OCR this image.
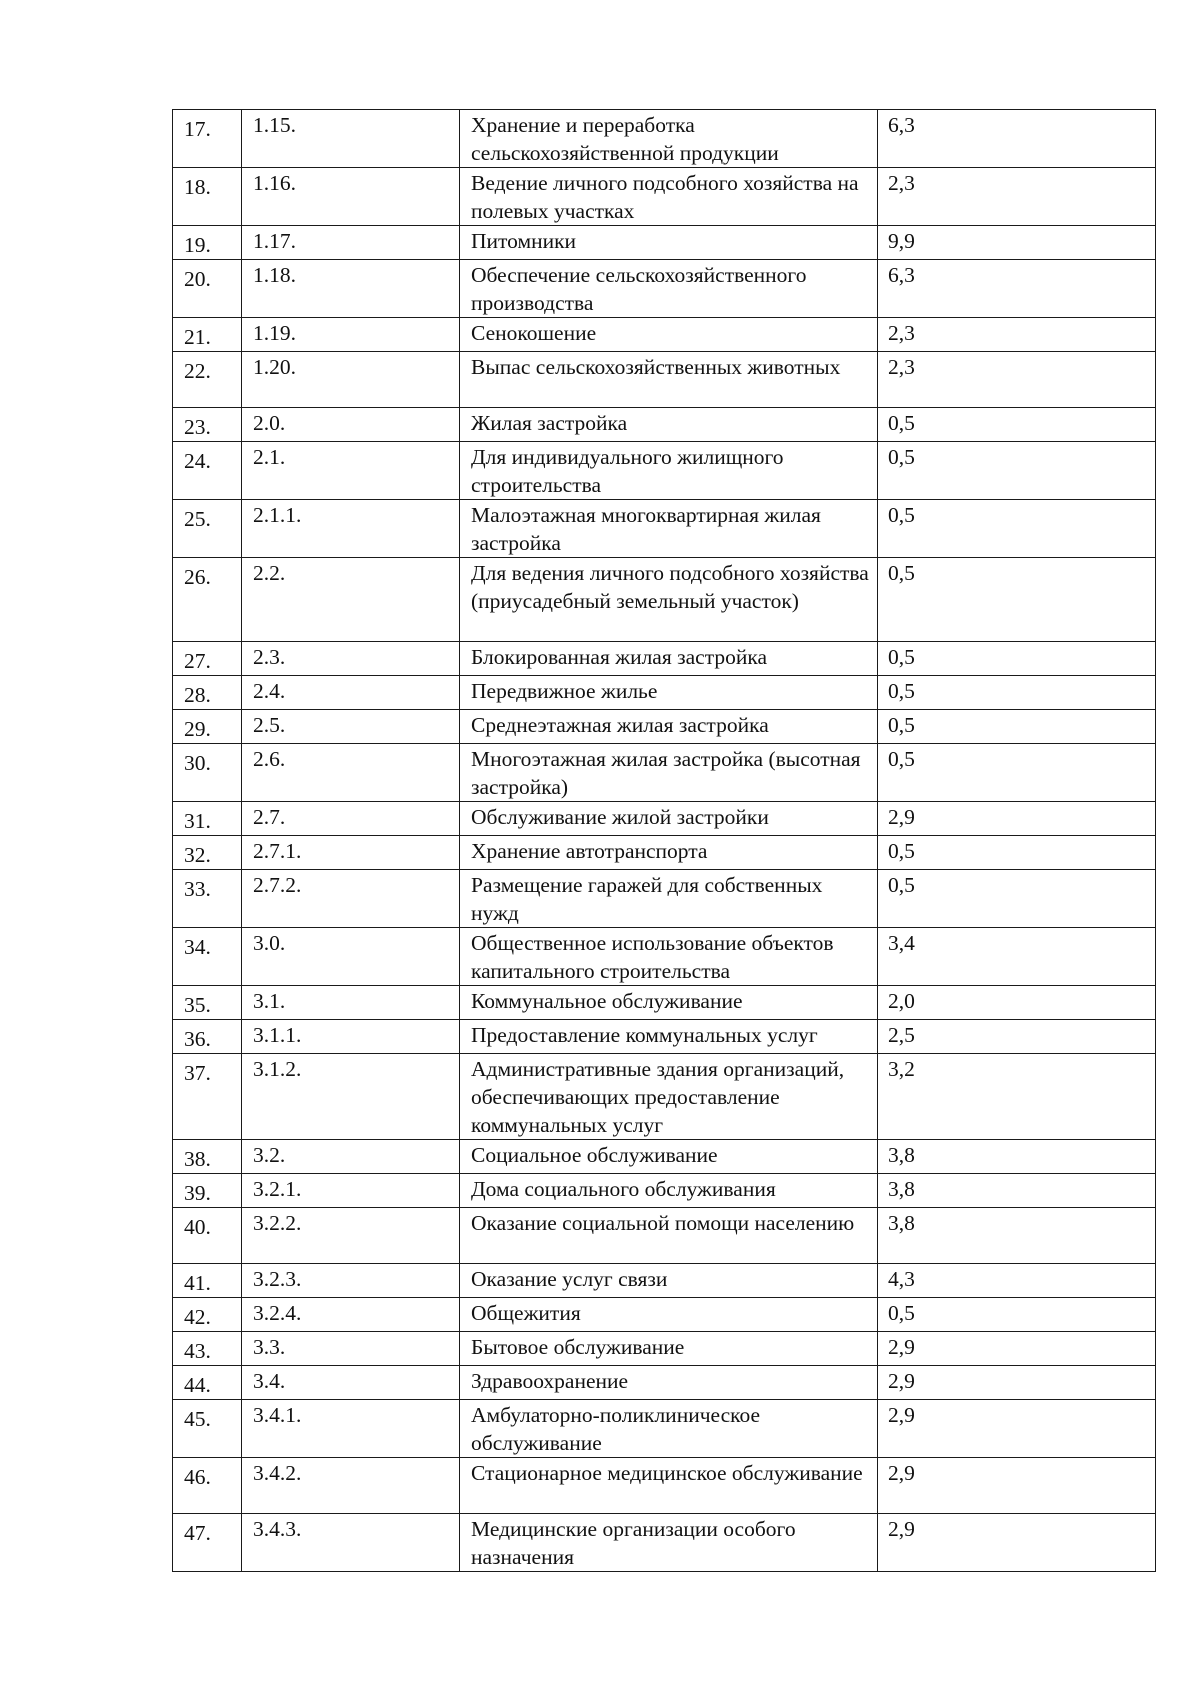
17.	1.15.	Хранение и переработка сельскохозяйственной продукции	6,3
18.	1.16.	Ведение личного подсобного хозяйства на полевых участках	2,3
19.	1.17.	Питомники	9,9
20.	1.18.	Обеспечение сельскохозяйственного производства	6,3
21.	1.19.	Сенокошение	2,3
22.	1.20.	Выпас сельскохозяйственных животных	2,3
23.	2.0.	Жилая застройка	0,5
24.	2.1.	Для индивидуального жилищного строительства	0,5
25.	2.1.1.	Малоэтажная многоквартирная жилая застройка	0,5
26.	2.2.	Для ведения личного подсобного хозяйства (приусадебный земельный участок)	0,5
27.	2.3.	Блокированная жилая застройка	0,5
28.	2.4.	Передвижное жилье	0,5
29.	2.5.	Среднеэтажная жилая застройка	0,5
30.	2.6.	Многоэтажная жилая застройка (высотная застройка)	0,5
31.	2.7.	Обслуживание жилой застройки	2,9
32.	2.7.1.	Хранение автотранспорта	0,5
33.	2.7.2.	Размещение гаражей для собственных нужд	0,5
34.	3.0.	Общественное использование объектов капитального строительства	3,4
35.	3.1.	Коммунальное обслуживание	2,0
36.	3.1.1.	Предоставление коммунальных услуг	2,5
37.	3.1.2.	Административные здания организаций, обеспечивающих предоставление коммунальных услуг	3,2
38.	3.2.	Социальное обслуживание	3,8
39.	3.2.1.	Дома социального обслуживания	3,8
40.	3.2.2.	Оказание социальной помощи населению	3,8
41.	3.2.3.	Оказание услуг связи	4,3
42.	3.2.4.	Общежития	0,5
43.	3.3.	Бытовое обслуживание	2,9
44.	3.4.	Здравоохранение	2,9
45.	3.4.1.	Амбулаторно-поликлиническое обслуживание	2,9
46.	3.4.2.	Стационарное медицинское обслуживание	2,9
47.	3.4.3.	Медицинские организации особого назначения	2,9
